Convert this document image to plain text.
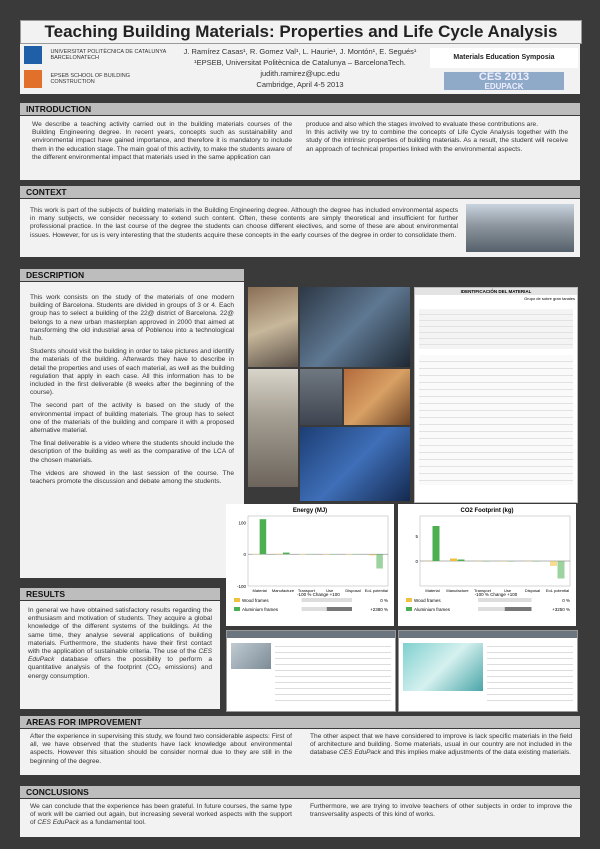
Teaching Building Materials: Properties and Life Cycle Analysis
UNIVERSITAT POLITÈCNICA DE CATALUNYA BARCELONATECH
EPSEB SCHOOL OF BUILDING CONSTRUCTION
J. Ramírez Casas¹, R. Gomez Val¹, L. Haurie¹, J. Montón¹, E. Segués¹
¹EPSEB, Universitat Politècnica de Catalunya – BarcelonaTech.
judith.ramirez@upc.edu
Cambridge, April 4-5 2013
Materials Education Symposia
CES 2013
EDUPACK
INTRODUCTION
We describe a teaching activity carried out in the building materials courses of the Building Engineering degree. In recent years, concepts such as sustainability and environmental impact have gained importance, and therefore it is mandatory to include them in the education stage. The main goal of this activity, to make the students aware of the different environmental impact that materials used in the same application can
produce and also which the stages involved to evaluate these contributions are.
In this activity we try to combine the concepts of Life Cycle Analysis together with the study of the intrinsic properties of building materials. As a result, the student will receive an approach of technical properties linked with the environmental aspects.
CONTEXT
This work is part of the subjects of building materials in the Building Engineering degree. Although the degree has included environmental aspects in many subjects, we consider necessary to extend such content. Often, these contents are simply theoretical and insufficient for further professional practice. In the last course of the degree the students can choose different electives, and some of these are about environmental issues. However, for us is very interesting that the students acquire these concepts in the early courses of the degree in order to consolidate them.
DESCRIPTION
This work consists on the study of the materials of one modern building of Barcelona. Students are divided in groups of 3 or 4. Each group has to select a building of the 22@ district of Barcelona. 22@ belongs to a new urban masterplan approved in 2000 that aimed at transforming the old industrial area of Poblenou into a technological hub.
Students should visit the building in order to take pictures and identify the materials of the building. Afterwards they have to describe in detail the properties and uses of each material, as well as the building regulation that apply in each case. All this information has to be included in the first deliverable (8 weeks after the beginning of the course).
The second part of the activity is based on the study of the environmental impact of building materials. The group has to select one of the materials of the building and compare it with a proposed alternative material.
The final deliverable is a video where the students should include the description of the building as well as the comparative of the LCA of the chosen materials.
The videos are showed in the last session of the course. The teachers promote the discussion and debate among the students.
IDENTIFICACIÓN DEL MATERIAL
Grupo de sobre gran tanales
Energy (MJ)
100
0
-100
Material Manufacture Transport	Use	Disposal EoL potential
-100 % Change +100
Wood frames	0 %
Aluminium frames	+2380 %
CO2 Footprint (kg)
5
0
Material Manufacture Transport	Use	Disposal EoL potential
-100 % Change +100
Wood frames	0 %
Aluminium frames	+3250 %
RESULTS
In general we have obtained satisfactory results regarding the enthusiasm and motivation of students. They acquire a global knowledge of the different systems of the buildings. At the same time, they analyse several applications of building materials. Furthermore, the students have their first contact with the application of sustainable criteria. The use of the CES EduPack database offers the possibility to perform a quantitative analysis of the footprint (CO₂ emissions) and energy consumption.
AREAS FOR IMPROVEMENT
After the experience in supervising this study, we found two considerable aspects: First of all, we have observed that the students have lack knowledge about environmental aspects. However this situation should be consider normal due to they are still in the beginning of the degree.
The other aspect that we have considered to improve is lack specific materials in the field of architecture and building. Some materials, usual in our country are not included in the database CES EduPack and this implies make adjustments of the data existing materials.
CONCLUSIONS
We can conclude that the experience has been grateful. In future courses, the same type of work will be carried out again, but increasing several worked aspects with the support of CES EduPack as a fundamental tool.
Furthermore, we are trying to involve teachers of other subjects in order to improve the transversality aspects of this kind of works.
